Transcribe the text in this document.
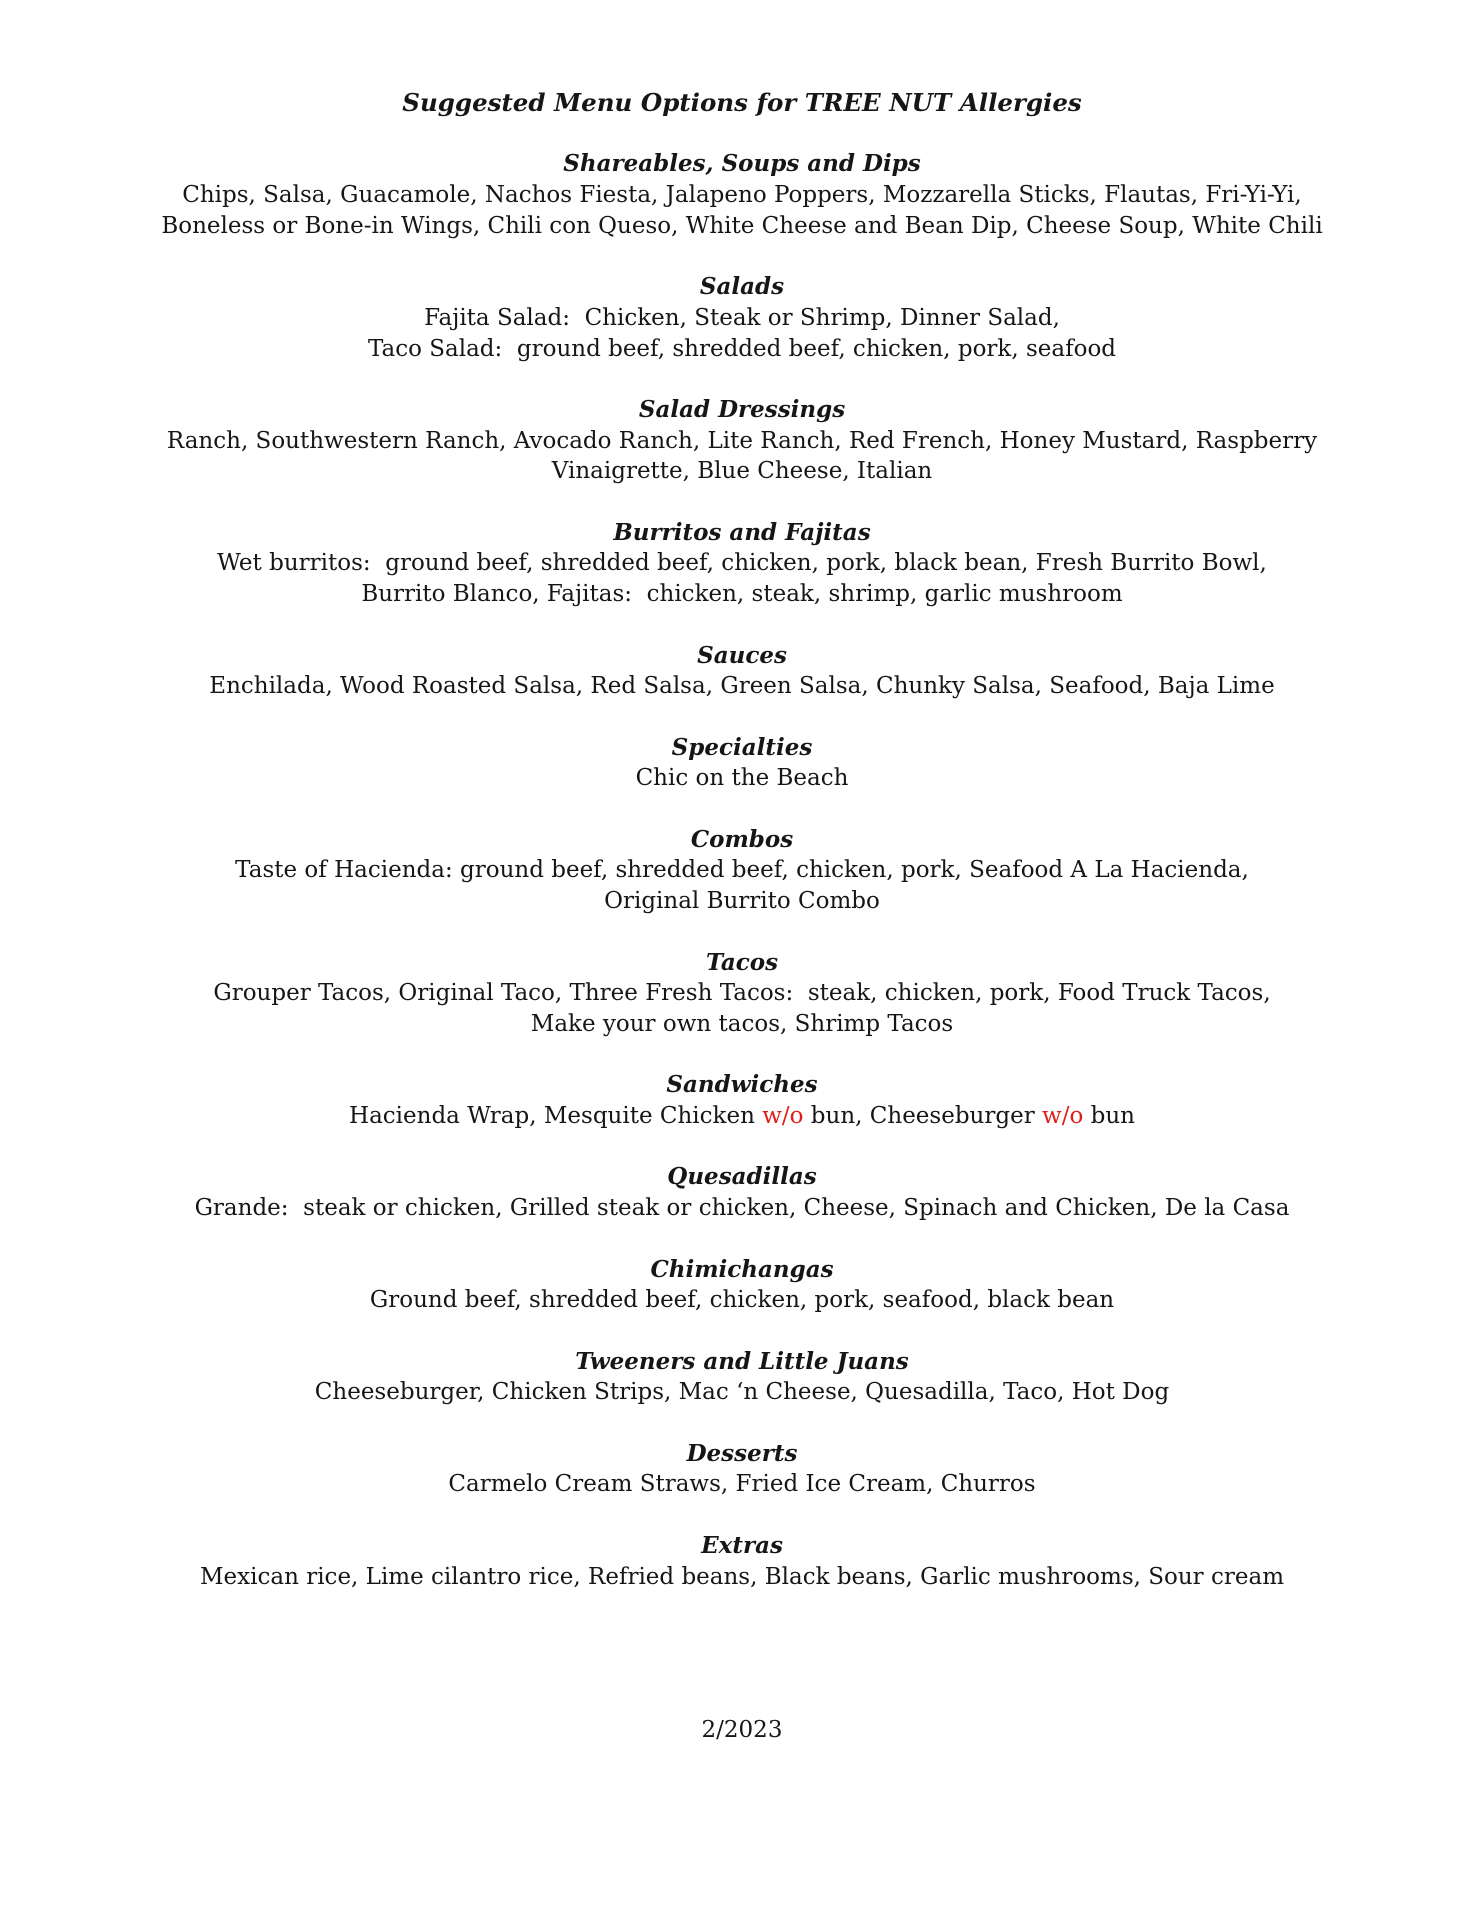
Suggested Menu Options for TREE NUT Allergies
Shareables, Soups and Dips

Chips, Salsa, Guacamole, Nachos Fiesta, Jalapeno Poppers, Mozzarella Sticks, Flautas, Fri-Yi-Yi,

Boneless or Bone-in Wings, Chili con Queso, White Cheese and Bean Dip, Cheese Soup, White Chili

Salads

Fajita Salad:  Chicken, Steak or Shrimp, Dinner Salad,

Taco Salad:  ground beef, shredded beef, chicken, pork, seafood

Salad Dressings

Ranch, Southwestern Ranch, Avocado Ranch, Lite Ranch, Red French, Honey Mustard, Raspberry

Vinaigrette, Blue Cheese, Italian

Burritos and Fajitas

Wet burritos:  ground beef, shredded beef, chicken, pork, black bean, Fresh Burrito Bowl,

Burrito Blanco, Fajitas:  chicken, steak, shrimp, garlic mushroom

Sauces

Enchilada, Wood Roasted Salsa, Red Salsa, Green Salsa, Chunky Salsa, Seafood, Baja Lime

Specialties

Chic on the Beach

Combos

Taste of Hacienda: ground beef, shredded beef, chicken, pork, Seafood A La Hacienda,

Original Burrito Combo

Tacos

Grouper Tacos, Original Taco, Three Fresh Tacos:  steak, chicken, pork, Food Truck Tacos,

Make your own tacos, Shrimp Tacos

Sandwiches

Hacienda Wrap, Mesquite Chicken w/o bun, Cheeseburger w/o bun

Quesadillas

Grande:  steak or chicken, Grilled steak or chicken, Cheese, Spinach and Chicken, De la Casa

Chimichangas

Ground beef, shredded beef, chicken, pork, seafood, black bean

Tweeners and Little Juans

Cheeseburger, Chicken Strips, Mac ‘n Cheese, Quesadilla, Taco, Hot Dog

Desserts

Carmelo Cream Straws, Fried Ice Cream, Churros

Extras

Mexican rice, Lime cilantro rice, Refried beans, Black beans, Garlic mushrooms, Sour cream

2/2023
